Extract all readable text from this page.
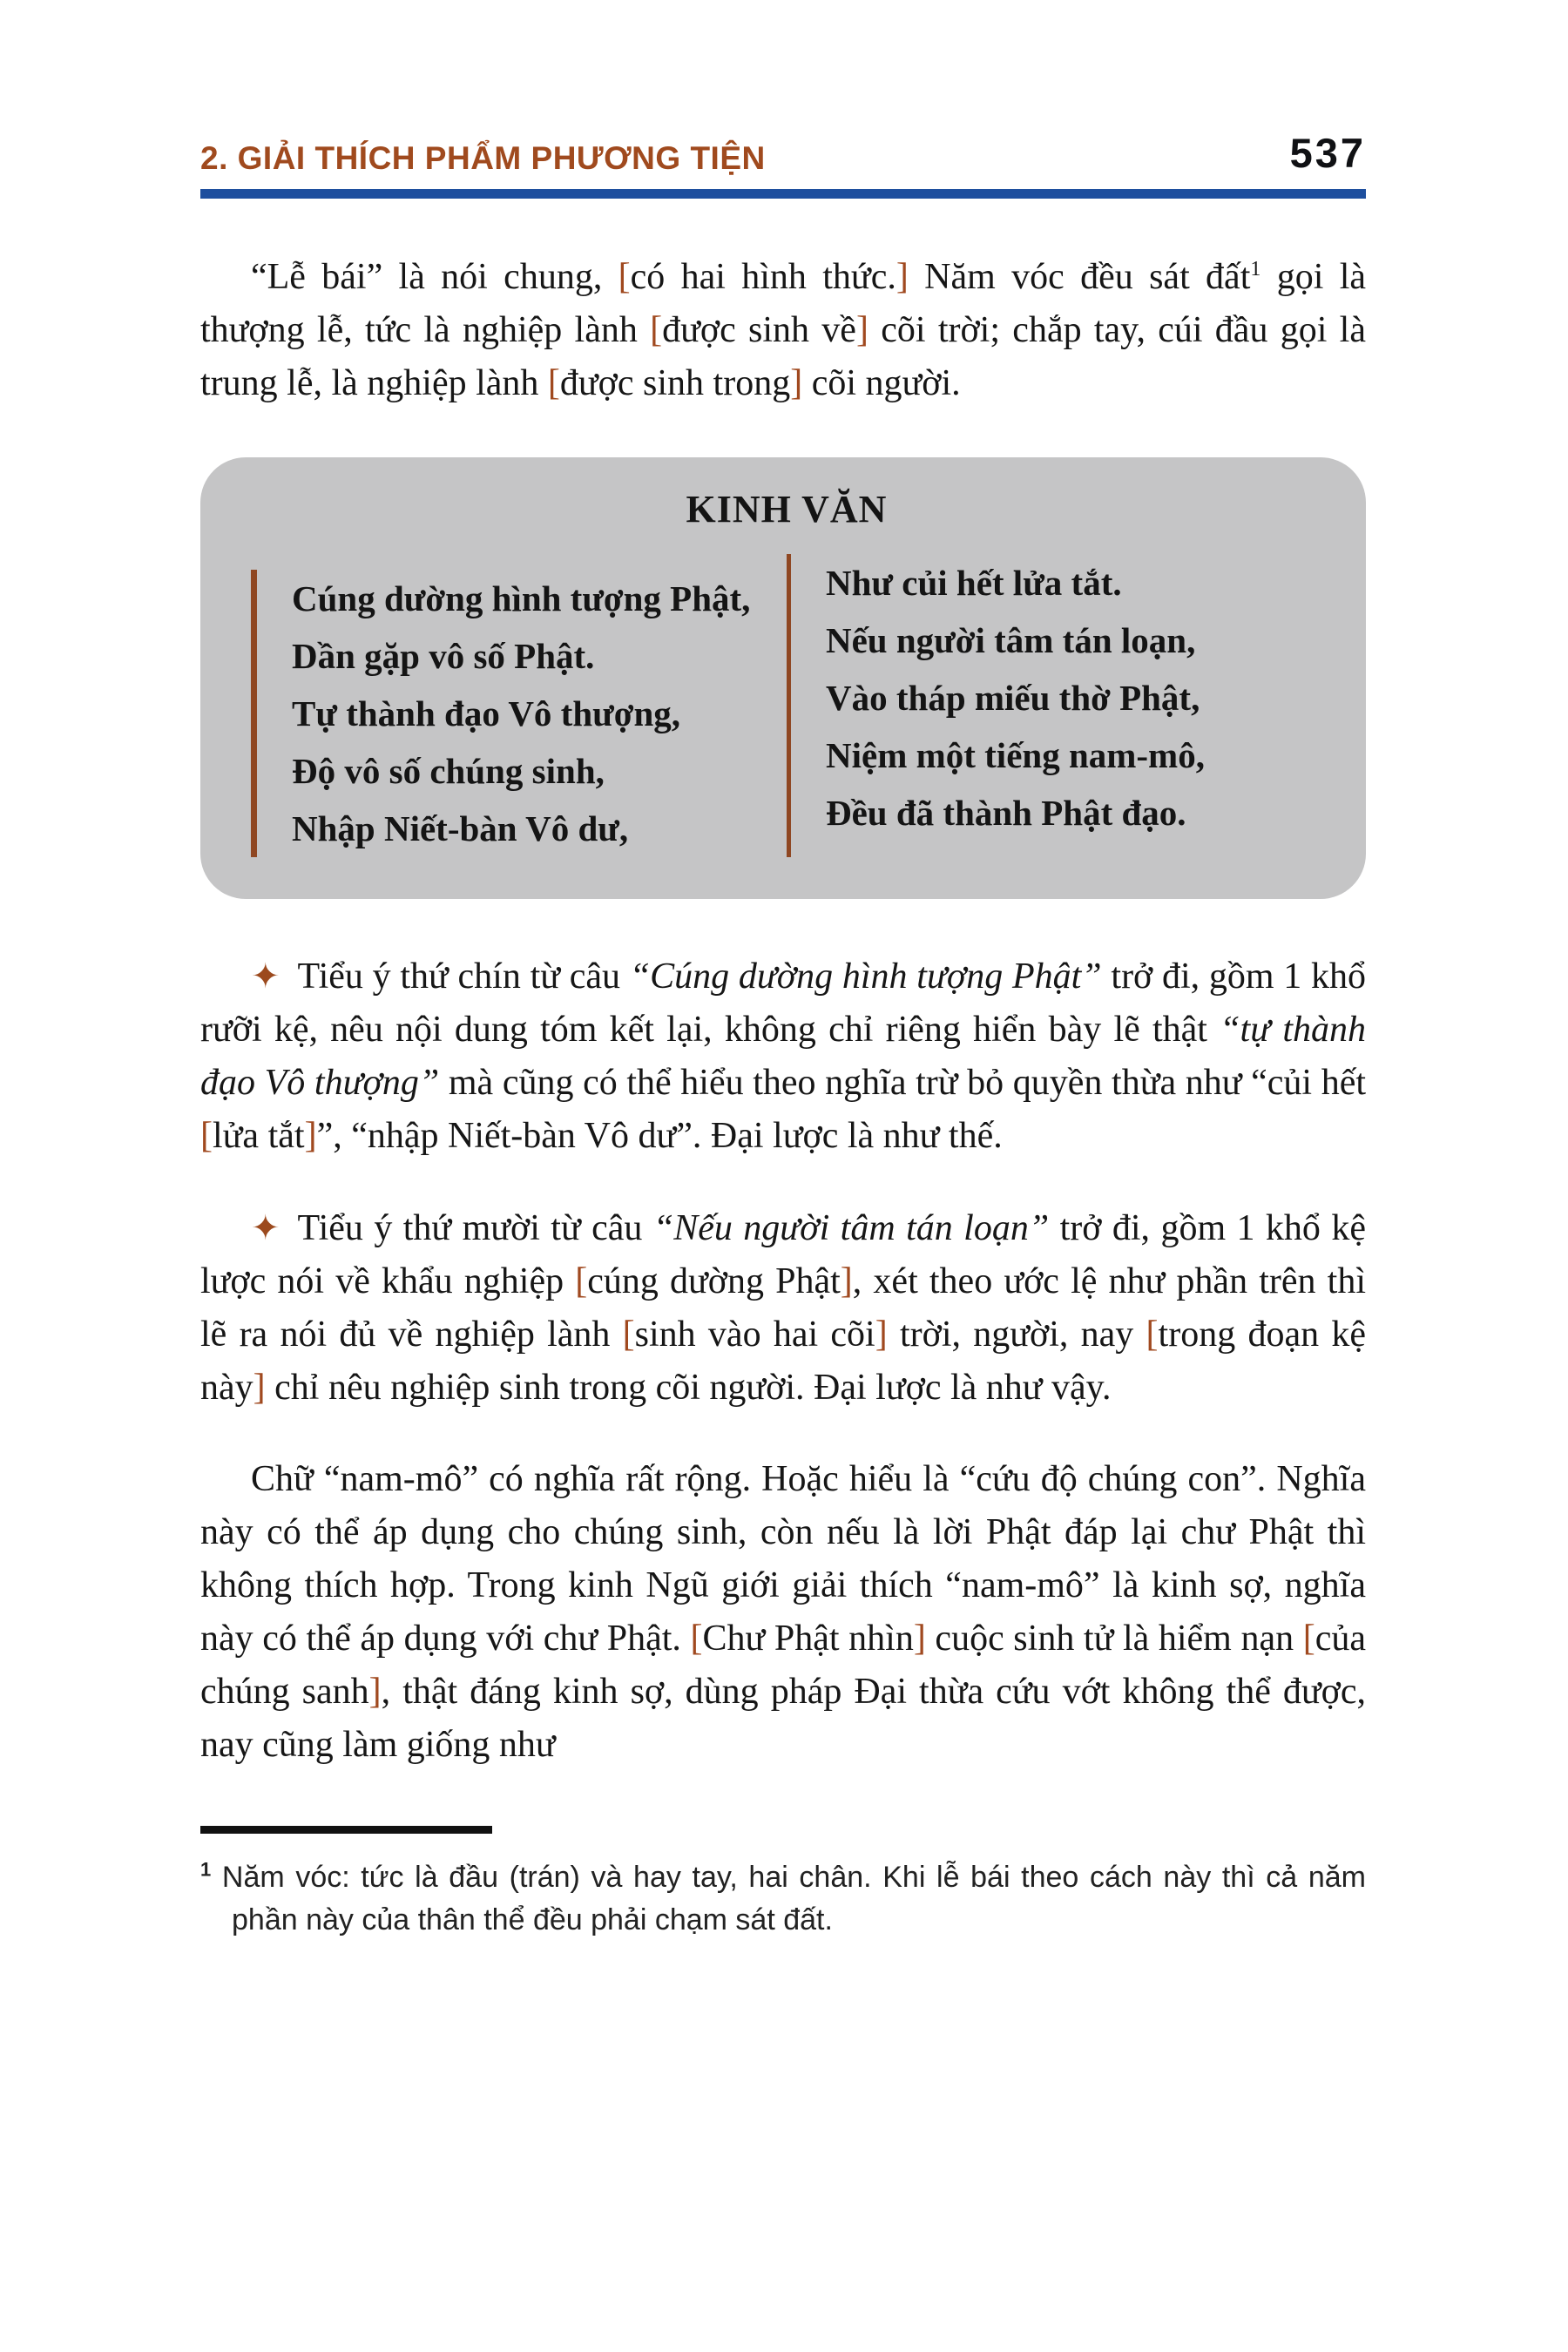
2. GIẢI THÍCH PHẨM PHƯƠNG TIỆN	537

“Lễ bái” là nói chung, [có hai hình thức.] Năm vóc đều sát đất$^1$ gọi là thượng lễ, tức là nghiệp lành [được sinh về] cõi trời; chắp tay, cúi đầu gọi là trung lễ, là nghiệp lành [được sinh trong] cõi người.

KINH VĂN
Cúng dường hình tượng Phật,
Dần gặp vô số Phật.
Tự thành đạo Vô thượng,
Độ vô số chúng sinh,
Nhập Niết-bàn Vô dư,
Như củi hết lửa tắt.
Nếu người tâm tán loạn,
Vào tháp miếu thờ Phật,
Niệm một tiếng nam-mô,
Đều đã thành Phật đạo.

✦ Tiểu ý thứ chín từ câu “Cúng dường hình tượng Phật” trở đi, gồm 1 khổ rưỡi kệ, nêu nội dung tóm kết lại, không chỉ riêng hiển bày lẽ thật “tự thành đạo Vô thượng” mà cũng có thể hiểu theo nghĩa trừ bỏ quyền thừa như “củi hết [lửa tắt]”, “nhập Niết-bàn Vô dư”. Đại lược là như thế.

✦ Tiểu ý thứ mười từ câu “Nếu người tâm tán loạn” trở đi, gồm 1 khổ kệ lược nói về khẩu nghiệp [cúng dường Phật], xét theo ước lệ như phần trên thì lẽ ra nói đủ về nghiệp lành [sinh vào hai cõi] trời, người, nay [trong đoạn kệ này] chỉ nêu nghiệp sinh trong cõi người. Đại lược là như vậy.

Chữ “nam-mô” có nghĩa rất rộng. Hoặc hiểu là “cứu độ chúng con”. Nghĩa này có thể áp dụng cho chúng sinh, còn nếu là lời Phật đáp lại chư Phật thì không thích hợp. Trong kinh Ngũ giới giải thích “nam-mô” là kinh sợ, nghĩa này có thể áp dụng với chư Phật. [Chư Phật nhìn] cuộc sinh tử là hiểm nạn [của chúng sanh], thật đáng kinh sợ, dùng pháp Đại thừa cứu vớt không thể được, nay cũng làm giống như

$^1$ Năm vóc: tức là đầu (trán) và hay tay, hai chân. Khi lễ bái theo cách này thì cả năm phần này của thân thể đều phải chạm sát đất.
